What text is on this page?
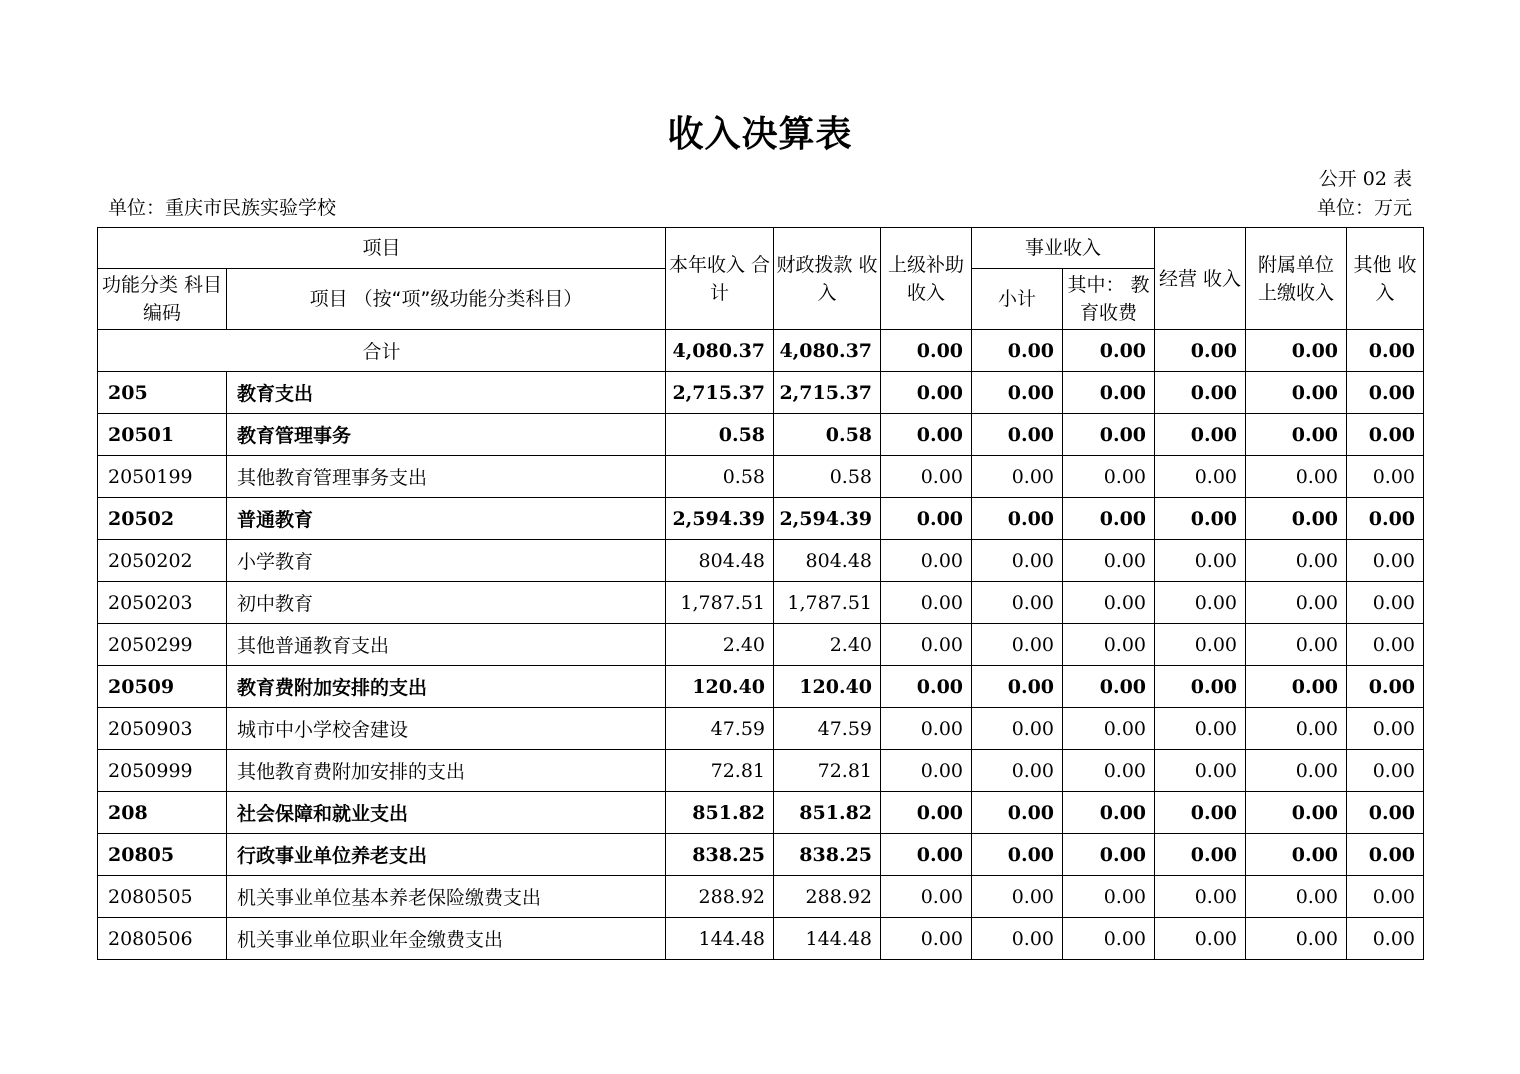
收入决算表
公开 02 表
单位：重庆市民族实验学校	单位：万元
项目		本年收入 合计	财政拨款 收入	上级补助 收入	事业收入		经营 收入	附属单位 上缴收入	其他 收入
功能分类 科目编码	项目 （按“项”级功能分类科目）				小计	其中： 教育收费			
合计		4,080.37	4,080.37	0.00	0.00	0.00	0.00	0.00	0.00
205	教育支出	2,715.37	2,715.37	0.00	0.00	0.00	0.00	0.00	0.00
20501	教育管理事务	0.58	0.58	0.00	0.00	0.00	0.00	0.00	0.00
2050199	其他教育管理事务支出	0.58	0.58	0.00	0.00	0.00	0.00	0.00	0.00
20502	普通教育	2,594.39	2,594.39	0.00	0.00	0.00	0.00	0.00	0.00
2050202	小学教育	804.48	804.48	0.00	0.00	0.00	0.00	0.00	0.00
2050203	初中教育	1,787.51	1,787.51	0.00	0.00	0.00	0.00	0.00	0.00
2050299	其他普通教育支出	2.40	2.40	0.00	0.00	0.00	0.00	0.00	0.00
20509	教育费附加安排的支出	120.40	120.40	0.00	0.00	0.00	0.00	0.00	0.00
2050903	城市中小学校舍建设	47.59	47.59	0.00	0.00	0.00	0.00	0.00	0.00
2050999	其他教育费附加安排的支出	72.81	72.81	0.00	0.00	0.00	0.00	0.00	0.00
208	社会保障和就业支出	851.82	851.82	0.00	0.00	0.00	0.00	0.00	0.00
20805	行政事业单位养老支出	838.25	838.25	0.00	0.00	0.00	0.00	0.00	0.00
2080505	机关事业单位基本养老保险缴费支出	288.92	288.92	0.00	0.00	0.00	0.00	0.00	0.00
2080506	机关事业单位职业年金缴费支出	144.48	144.48	0.00	0.00	0.00	0.00	0.00	0.00
